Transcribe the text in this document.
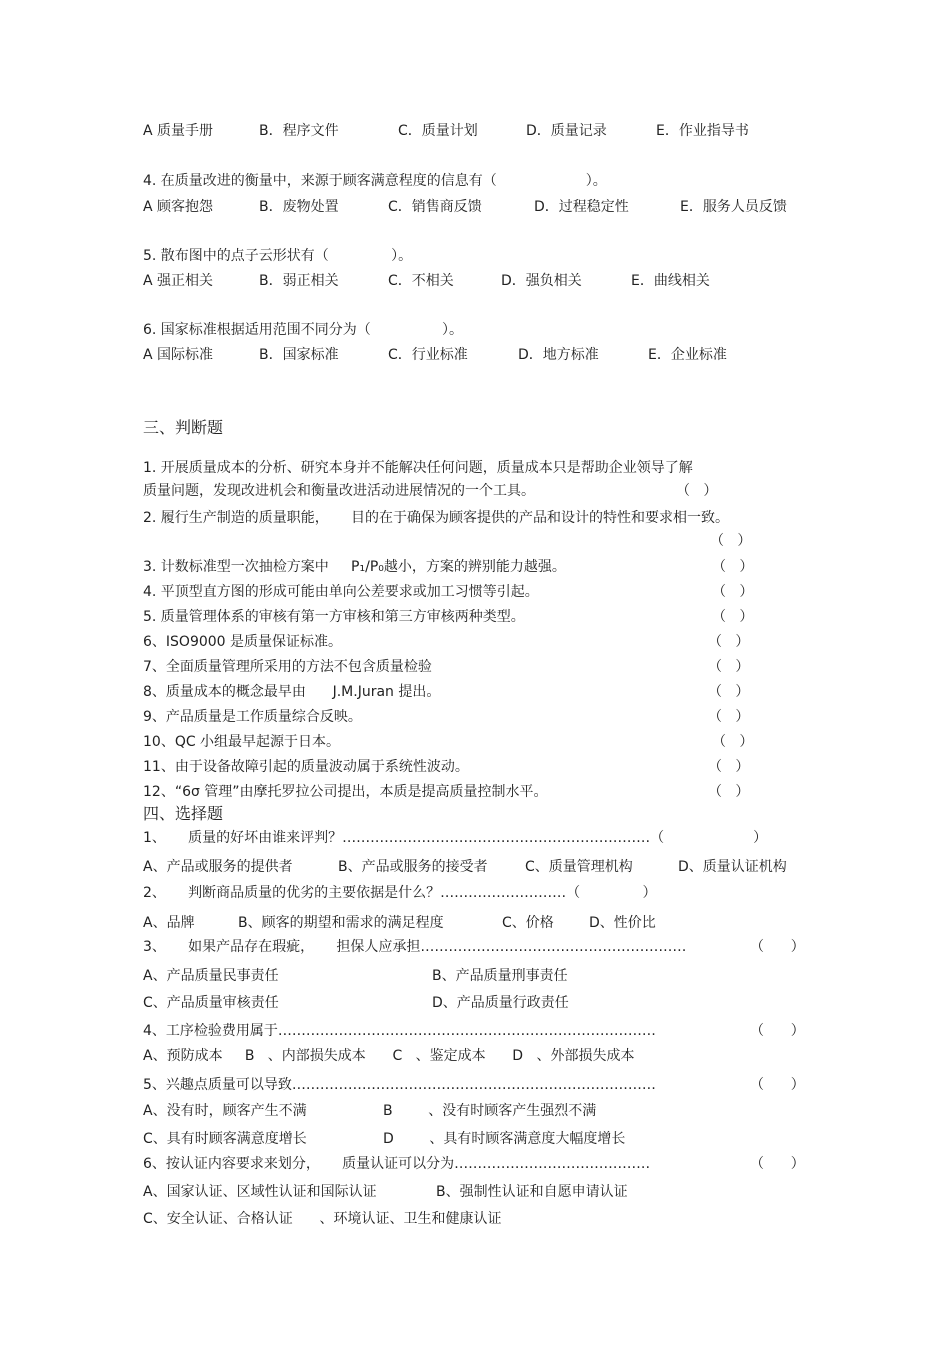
A 质量手册	B．程序文件	C．质量计划	D．质量记录	E．作业指导书
4. 在质量改进的衡量中，来源于顾客满意程度的信息有（                    ）。
A 顾客抱怨	B．废物处置	C．销售商反馈	D．过程稳定性	E．服务人员反馈
5. 散布图中的点子云形状有（              ）。
A 强正相关	B．弱正相关	C．不相关	D．强负相关	E．曲线相关
6. 国家标准根据适用范围不同分为（                ）。
A 国际标准	B．国家标准	C．行业标准	D．地方标准	E．企业标准
三、判断题
1. 开展质量成本的分析、研究本身并不能解决任何问题，质量成本只是帮助企业领导了解
质量问题，发现改进机会和衡量改进活动进展情况的一个工具。	（   ）
2. 履行生产制造的质量职能，     目的在于确保为顾客提供的产品和设计的特性和要求相一致。
（   ）
3. 计数标准型一次抽检方案中     P₁/P₀越小，方案的辨别能力越强。	（   ）
4. 平顶型直方图的形成可能由单向公差要求或加工习惯等引起。	（   ）
5. 质量管理体系的审核有第一方审核和第三方审核两种类型。	（   ）
6、ISO9000 是质量保证标准。	（   ）
7、全面质量管理所采用的方法不包含质量检验	（   ）
8、质量成本的概念最早由      J.M.Juran 提出。	（   ）
9、产品质量是工作质量综合反映。	（   ）
10、QC 小组最早起源于日本。	（   ）
11、由于设备故障引起的质量波动属于系统性波动。	（   ）
12、“6σ 管理”由摩托罗拉公司提出，本质是提高质量控制水平。	（   ）
四、选择题
1、     质量的好坏由谁来评判？…………………………………………………………（                    ）
A、产品或服务的提供者	B、产品或服务的接受者	C、质量管理机构	D、质量认证机构
2、     判断商品质量的优劣的主要依据是什么？………………………（              ）
A、品牌	B、顾客的期望和需求的满足程度	C、价格	D、性价比
3、     如果产品存在瑕疵，     担保人应承担…………………………………………………	（      ）
A、产品质量民事责任	B、产品质量刑事责任
C、产品质量审核责任	D、产品质量行政责任
4、工序检验费用属于………………………………………………………………………	（      ）
A、预防成本     B   、内部损失成本      C   、鉴定成本      D   、外部损失成本
5、兴趣点质量可以导致……………………………………………………………………	（      ）
A、没有时，顾客产生不满	B        、没有时顾客产生强烈不满
C、具有时顾客满意度增长	D        、具有时顾客满意度大幅度增长
6、按认证内容要求来划分，     质量认证可以分为……………………………………	（      ）
A、国家认证、区域性认证和国际认证	B、强制性认证和自愿申请认证
C、安全认证、合格认证      、环境认证、卫生和健康认证
